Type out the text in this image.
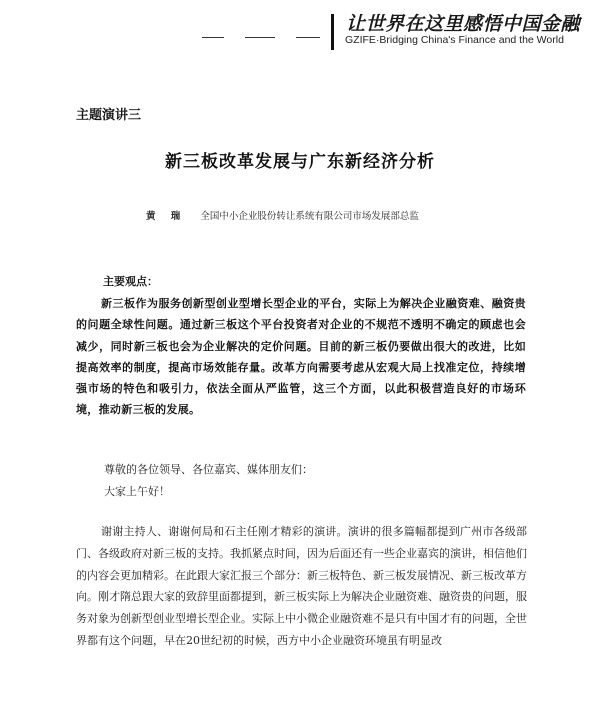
让世界在这里感悟中国金融
GZIFE·Bridging China's Finance and the World
主题演讲三
新三板改革发展与广东新经济分析
黄 瑞 全国中小企业股份转让系统有限公司市场发展部总监
主要观点：
新三板作为服务创新型创业型增长型企业的平台，实际上为解决企业融资难、融资贵的问题全球性问题。通过新三板这个平台投资者对企业的不规范不透明不确定的顾虑也会减少，同时新三板也会为企业解决的定价问题。目前的新三板仍要做出很大的改进，比如提高效率的制度，提高市场效能存量。改革方向需要考虑从宏观大局上找准定位，持续增强市场的特色和吸引力，依法全面从严监管，这三个方面，以此积极营造良好的市场环境，推动新三板的发展。
尊敬的各位领导、各位嘉宾、媒体朋友们：
大家上午好！
谢谢主持人、谢谢何局和石主任刚才精彩的演讲。演讲的很多篇幅都提到广州市各级部门、各级政府对新三板的支持。我抓紧点时间，因为后面还有一些企业嘉宾的演讲，相信他们的内容会更加精彩。在此跟大家汇报三个部分：新三板特色、新三板发展情况、新三板改革方向。刚才隋总跟大家的致辞里面都提到，新三板实际上为解决企业融资难、融资贵的问题，服务对象为创新型创业型增长型企业。实际上中小微企业融资难不是只有中国才有的问题，全世界都有这个问题，早在20世纪初的时候，西方中小企业融资环境虽有明显改
